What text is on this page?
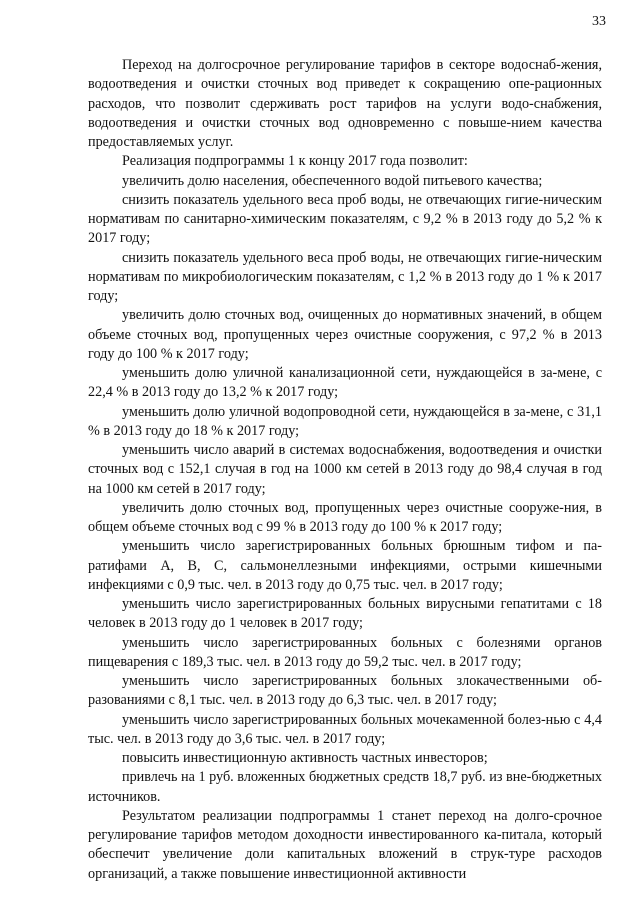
33

Переход на долгосрочное регулирование тарифов в секторе водоснаб-жения, водоотведения и очистки сточных вод приведет к сокращению опе-рационных расходов, что позволит сдерживать рост тарифов на услуги водо-снабжения, водоотведения и очистки сточных вод одновременно с повыше-нием качества предоставляемых услуг.

Реализация подпрограммы 1 к концу 2017 года позволит:

увеличить долю населения, обеспеченного водой питьевого качества;

снизить показатель удельного веса проб воды, не отвечающих гигие-ническим нормативам по санитарно-химическим показателям, с 9,2 % в 2013 году до 5,2 % к 2017 году;

снизить показатель удельного веса проб воды, не отвечающих гигие-ническим нормативам по микробиологическим показателям, с 1,2 % в 2013 году до 1 % к 2017 году;

увеличить долю сточных вод, очищенных до нормативных значений, в общем объеме сточных вод, пропущенных через очистные сооружения, с 97,2 % в 2013 году до 100 % к 2017 году;

уменьшить долю уличной канализационной сети, нуждающейся в за-мене, с 22,4 % в 2013 году до 13,2 % к 2017 году;

уменьшить долю уличной водопроводной сети, нуждающейся в за-мене, с 31,1 % в 2013 году до 18 % к 2017 году;

уменьшить число аварий в системах водоснабжения, водоотведения и очистки сточных вод с 152,1 случая в год на 1000 км сетей в 2013 году до 98,4 случая в год на 1000 км сетей в 2017 году;

увеличить долю сточных вод, пропущенных через очистные сооруже-ния, в общем объеме сточных вод с 99 % в 2013 году до 100 % к 2017 году;

уменьшить число зарегистрированных больных брюшным тифом и па-ратифами А, В, С, сальмонеллезными инфекциями, острыми кишечными инфекциями с 0,9 тыс. чел. в 2013 году до 0,75 тыс. чел. в 2017 году;

уменьшить число зарегистрированных больных вирусными гепатитами с 18 человек в 2013 году до 1 человек в 2017 году;

уменьшить число зарегистрированных больных с болезнями органов пищеварения с 189,3 тыс. чел. в 2013 году до 59,2 тыс. чел. в 2017 году;

уменьшить число зарегистрированных больных злокачественными об-разованиями с 8,1 тыс. чел. в 2013 году до 6,3 тыс. чел. в 2017 году;

уменьшить число зарегистрированных больных мочекаменной болез-нью с 4,4 тыс. чел. в 2013 году до 3,6 тыс. чел. в 2017 году;

повысить инвестиционную активность частных инвесторов;

привлечь на 1 руб. вложенных бюджетных средств 18,7 руб. из вне-бюджетных источников.

Результатом реализации подпрограммы 1 станет переход на долго-срочное регулирование тарифов методом доходности инвестированного ка-питала, который обеспечит увеличение доли капитальных вложений в струк-туре расходов организаций, а также повышение инвестиционной активности
